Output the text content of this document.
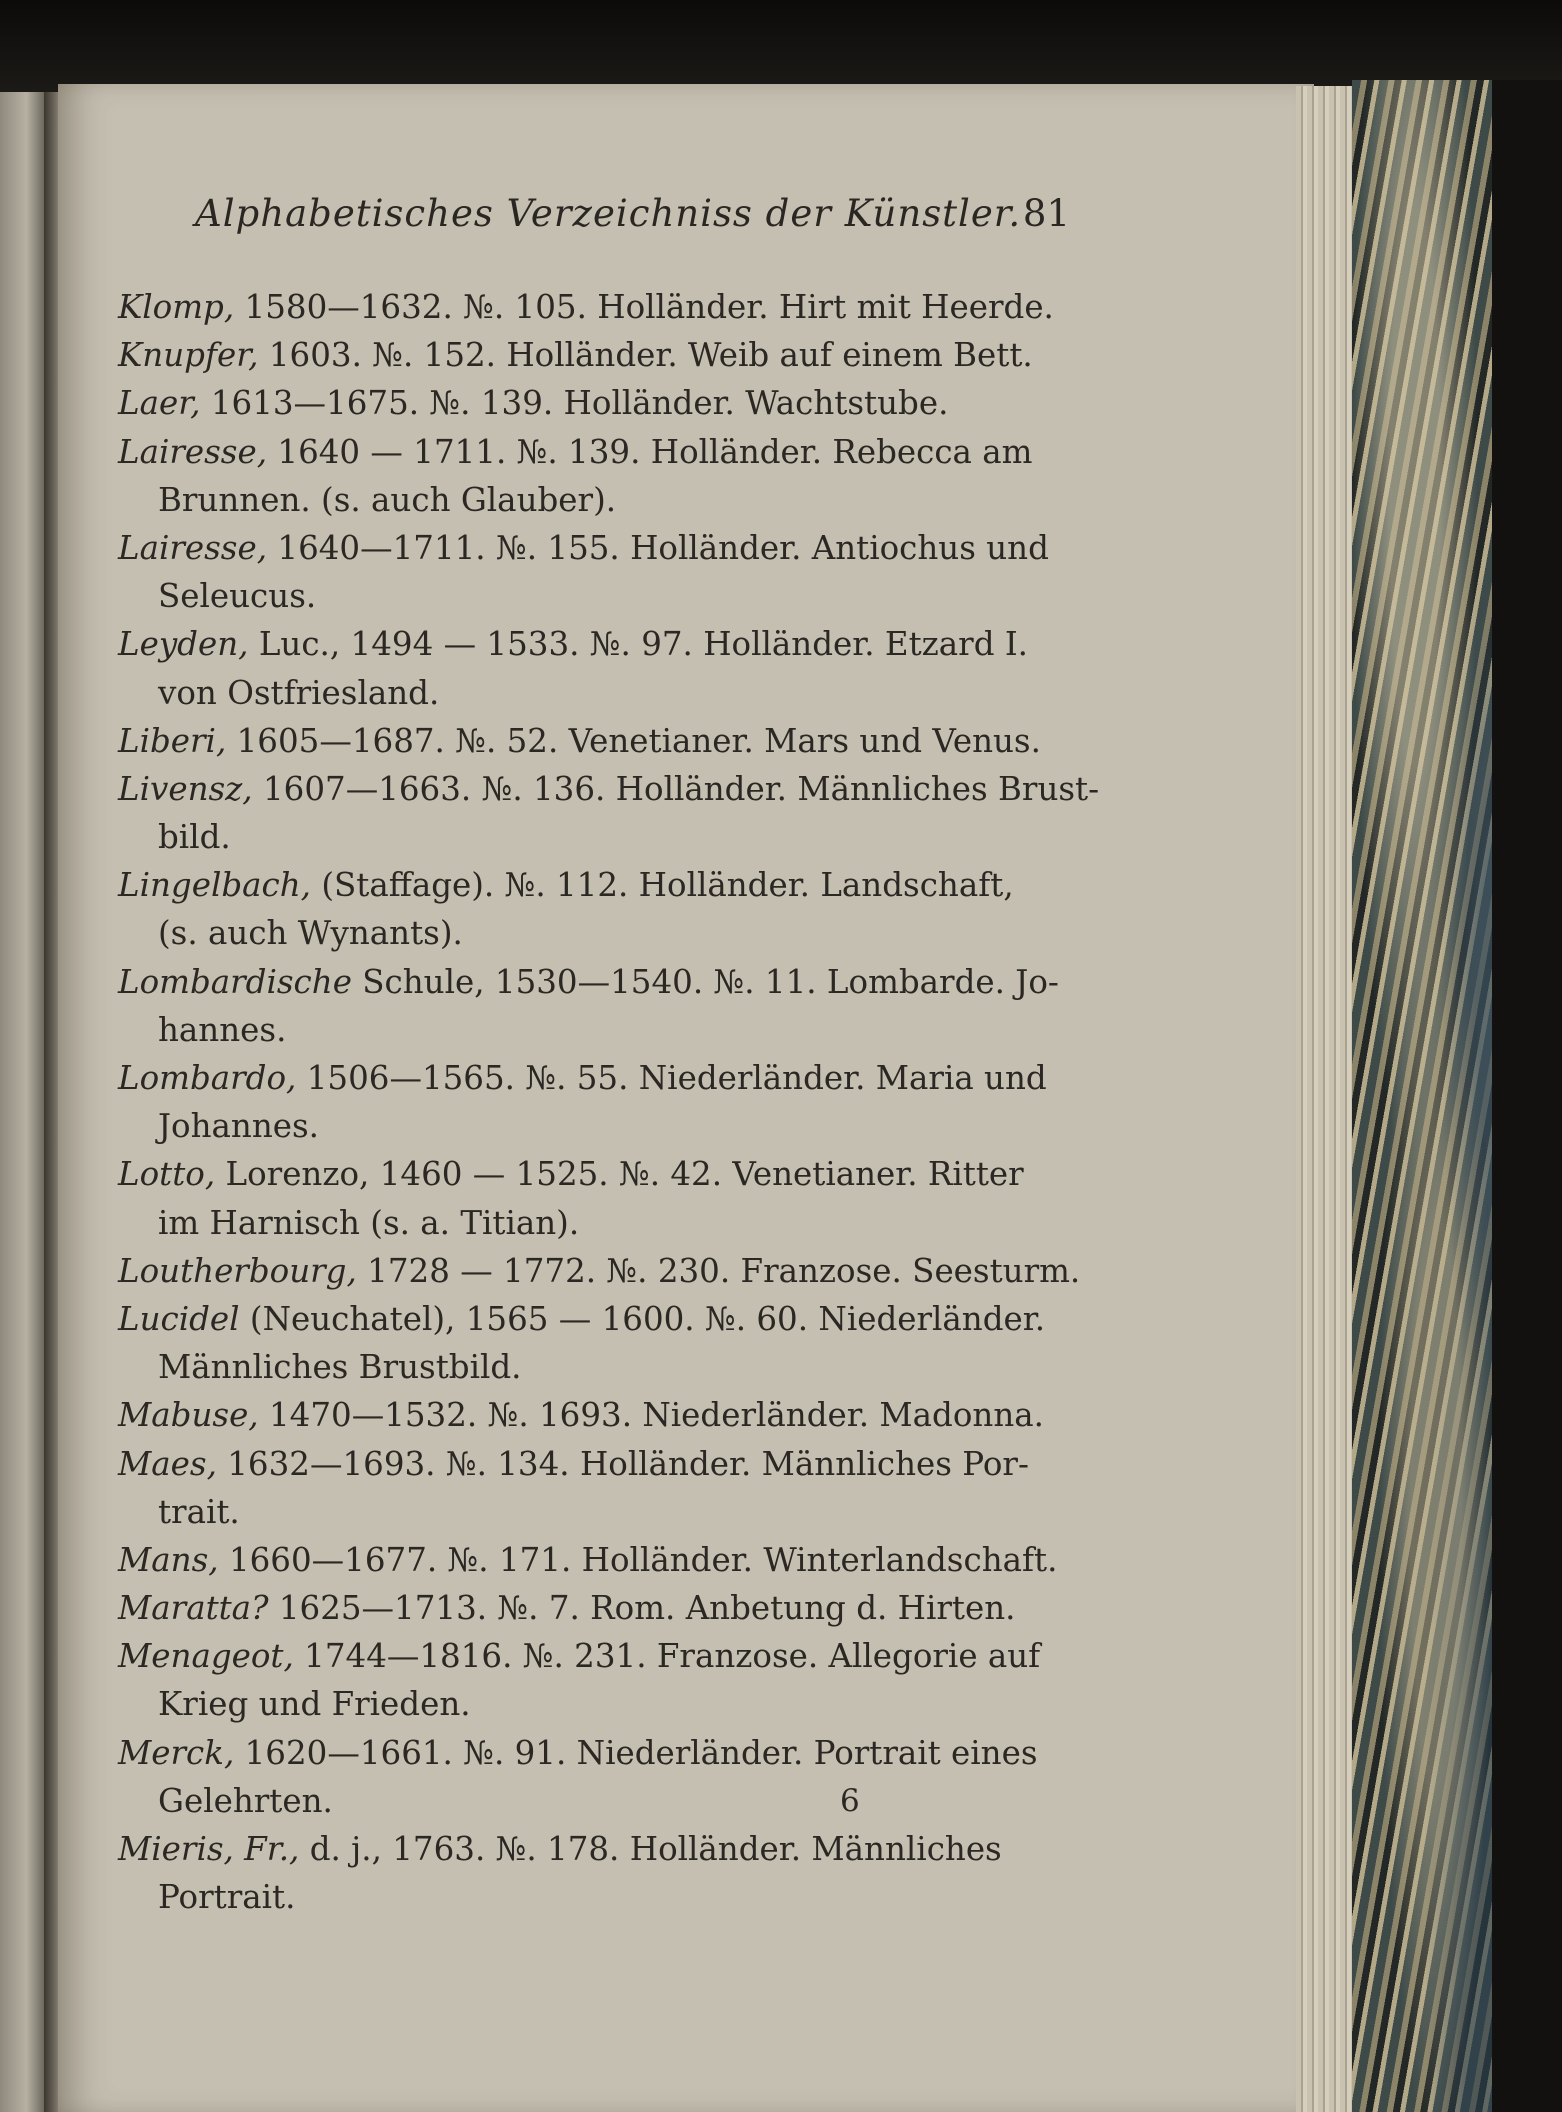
Alphabetisches Verzeichniss der Künstler. 81
Klomp, 1580—1632. №. 105. Holländer. Hirt mit Heerde.
Knupfer, 1603. №. 152. Holländer. Weib auf einem Bett.
Laer, 1613—1675. №. 139. Holländer. Wachtstube.
Lairesse, 1640 — 1711. №. 139. Holländer. Rebecca am
Brunnen. (s. auch Glauber).
Lairesse, 1640—1711. №. 155. Holländer. Antiochus und
Seleucus.
Leyden, Luc., 1494 — 1533. №. 97. Holländer. Etzard I.
von Ostfriesland.
Liberi, 1605—1687. №. 52. Venetianer. Mars und Venus.
Livensz, 1607—1663. №. 136. Holländer. Männliches Brust-
bild.
Lingelbach, (Staffage). №. 112. Holländer. Landschaft,
(s. auch Wynants).
Lombardische Schule, 1530—1540. №. 11. Lombarde. Jo-
hannes.
Lombardo, 1506—1565. №. 55. Niederländer. Maria und
Johannes.
Lotto, Lorenzo, 1460 — 1525. №. 42. Venetianer. Ritter
im Harnisch (s. a. Titian).
Loutherbourg, 1728 — 1772. №. 230. Franzose. Seesturm.
Lucidel (Neuchatel), 1565 — 1600. №. 60. Niederländer.
Männliches Brustbild.
Mabuse, 1470—1532. №. 1693. Niederländer. Madonna.
Maes, 1632—1693. №. 134. Holländer. Männliches Por-
trait.
Mans, 1660—1677. №. 171. Holländer. Winterlandschaft.
Maratta? 1625—1713. №. 7. Rom. Anbetung d. Hirten.
Menageot, 1744—1816. №. 231. Franzose. Allegorie auf
Krieg und Frieden.
Merck, 1620—1661. №. 91. Niederländer. Portrait eines
Gelehrten.
Mieris, Fr., d. j., 1763. №. 178. Holländer. Männliches
Portrait.
6
